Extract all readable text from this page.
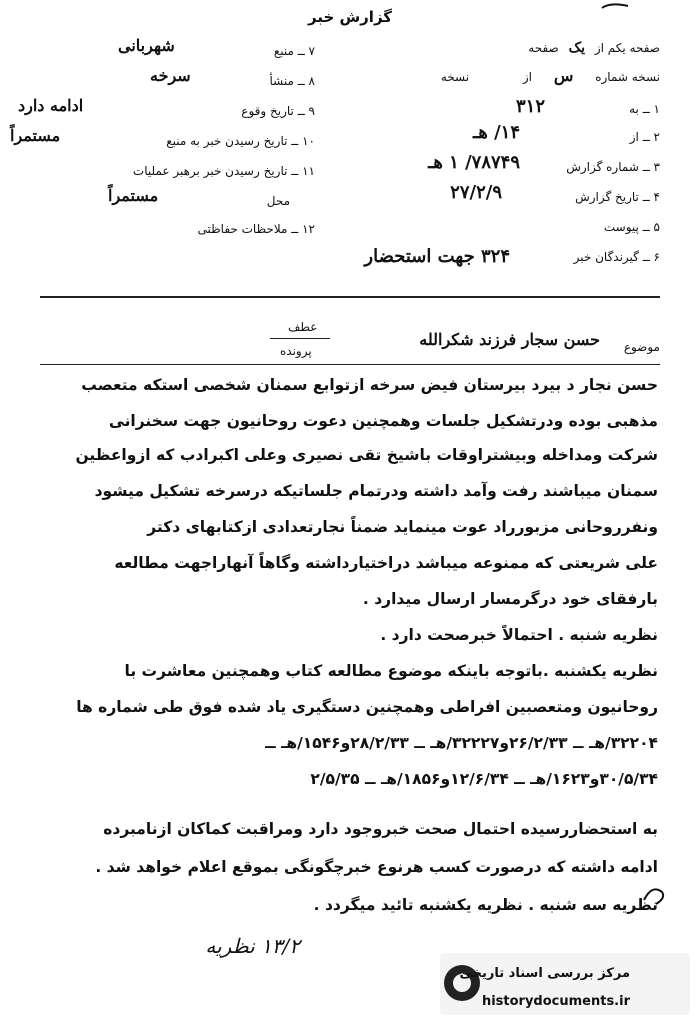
گزارش خبر
صفحه یکم از یک صفحه
نسخه شماره س از نسخه
۷ ــ منبع
شهربانی
۸ ــ منشأ
سرخه
۹ ــ تاریخ وقوع
ادامه دارد
۱۰ ــ تاریخ رسیدن خبر به منبع
مستمراً
۱۱ ــ تاریخ رسیدن خبر برهبر عملیات
محل
مستمراً
۱۲ ــ ملاحظات حفاظتی
۱ ــ به
۳۱۲
۲ ــ از
۱۴/ هـ
۳ ــ شماره گزارش
۷۸۷۴۹/ ۱ هـ
۴ ــ تاریخ گزارش
۲۷/۲/۹
۵ ــ پیوست
۶ ــ گیرندگان خبر
۳۲۴ جهت استحضار
موضوع
حسن سجار فرزند شکرالله
عطف
پرونده
حسن نجار د بیرد بیرستان فیض سرخه ازتوابع سمنان شخصی استکه متعصب
مذهبی بوده ودرتشکیل جلسات وهمچنین دعوت روحانیون جهت سخنرانی
شرکت ومداخله وبیشتراوقات باشیخ تقی نصیری وعلی اکبرادب که ازواعظین
سمنان میباشند رفت وآمد داشته ودرتمام جلساتیکه درسرخه تشکیل میشود
ونفرروحانی مزبورراد عوت مینماید ضمناً نجارتعدادی ازکتابهای دکتر
علی شریعتی که ممنوعه میباشد دراختیارداشته وگاهاً آنهاراجهت مطالعه
بارفقای خود درگرمسار ارسال میدارد .
نظریه شنبه . احتمالاً خبرصحت دارد .
نظریه یکشنبه .باتوجه باینکه موضوع مطالعه کتاب وهمچنین معاشرت با
روحانیون ومتعصبین افراطی وهمچنین دستگیری یاد شده فوق طی شماره ها
۳۲۲۰۴/هـ ــ ۲۶/۲/۳۳و۳۲۲۲۷/هـ ــ ۲۸/۲/۳۳و۱۵۴۶/هـ ــ
۳۰/۵/۳۴و۱۶۲۳/هـ ــ ۱۲/۶/۳۴و۱۸۵۶/هـ ــ ۲/۵/۳۵
به استحضاررسیده احتمال صحت خبروجود دارد ومراقبت کماکان ازنامبرده
ادامه داشته که درصورت کسب هرنوع خبرچگونگی بموقع اعلام خواهد شد .
نظریه سه شنبه . نظریه یکشنبه تائید میگردد .
۱۳/۲ نظریه
مرکز بررسی اسناد تاریخی
historydocuments.ir
